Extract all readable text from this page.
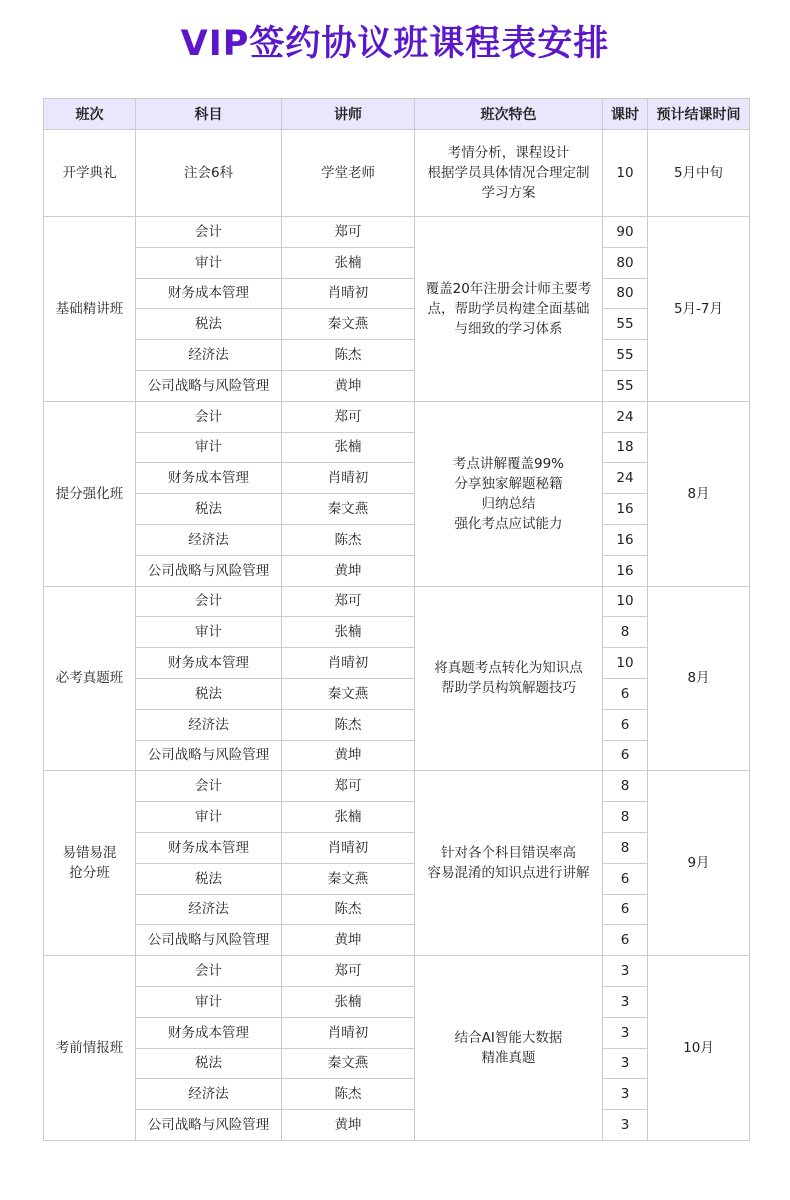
VIP签约协议班课程表安排
班次	科目	讲师	班次特色	课时	预计结课时间
开学典礼	注会6科	学堂老师	考情分析，课程设计
根据学员具体情况合理定制
学习方案	10	5月中旬
基础精讲班	会计	郑可	覆盖20年注册会计师主要考
点，帮助学员构建全面基础
与细致的学习体系	90	5月-7月
	审计	张楠		80	
	财务成本管理	肖晴初		80	
	税法	秦文燕		55	
	经济法	陈杰		55	
	公司战略与风险管理	黄坤		55	
提分强化班	会计	郑可	考点讲解覆盖99%
分享独家解题秘籍
归纳总结
强化考点应试能力	24	8月
	审计	张楠		18	
	财务成本管理	肖晴初		24	
	税法	秦文燕		16	
	经济法	陈杰		16	
	公司战略与风险管理	黄坤		16	
必考真题班	会计	郑可	将真题考点转化为知识点
帮助学员构筑解题技巧	10	8月
	审计	张楠		8	
	财务成本管理	肖晴初		10	
	税法	秦文燕		6	
	经济法	陈杰		6	
	公司战略与风险管理	黄坤		6	
易错易混
抢分班	会计	郑可	针对各个科目错误率高
容易混淆的知识点进行讲解	8	9月
	审计	张楠		8	
	财务成本管理	肖晴初		8	
	税法	秦文燕		6	
	经济法	陈杰		6	
	公司战略与风险管理	黄坤		6	
考前情报班	会计	郑可	结合AI智能大数据
精准真题	3	10月
	审计	张楠		3	
	财务成本管理	肖晴初		3	
	税法	秦文燕		3	
	经济法	陈杰		3	
	公司战略与风险管理	黄坤		3	
